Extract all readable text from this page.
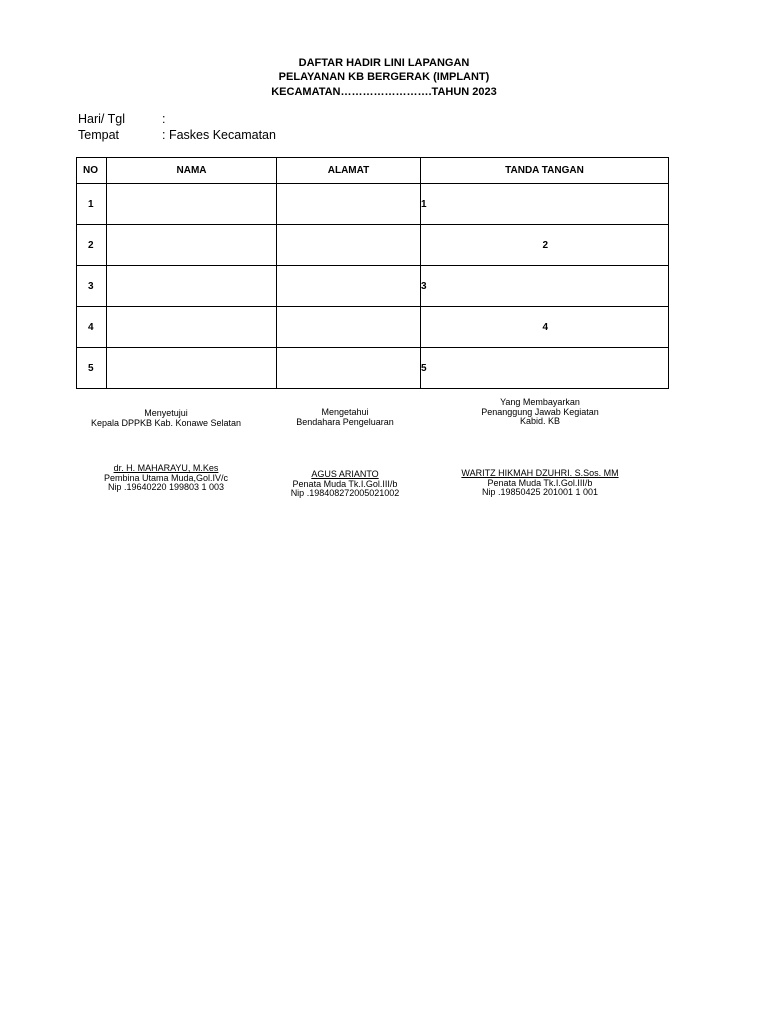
DAFTAR HADIR LINI LAPANGAN
PELAYANAN KB BERGERAK (IMPLANT)
KECAMATAN…………………….TAHUN 2023
Hari/ Tgl	:
Tempat	: Faskes Kecamatan
NO	NAMA	ALAMAT	TANDA TANGAN
1			1
2			2
3			3
4			4
5			5
Menyetujui
Kepala DPPKB Kab. Konawe Selatan
Mengetahui
Bendahara Pengeluaran
Yang Membayarkan
Penanggung Jawab Kegiatan
Kabid. KB
dr. H. MAHARAYU, M.Kes
Pembina Utama Muda,Gol.IV/c
Nip .19640220 199803 1 003
AGUS ARIANTO
Penata Muda Tk.I.Gol.III/b
Nip .198408272005021002
WARITZ HIKMAH DZUHRI. S.Sos. MM
Penata Muda Tk.I.Gol.III/b
Nip .19850425 201001 1 001
